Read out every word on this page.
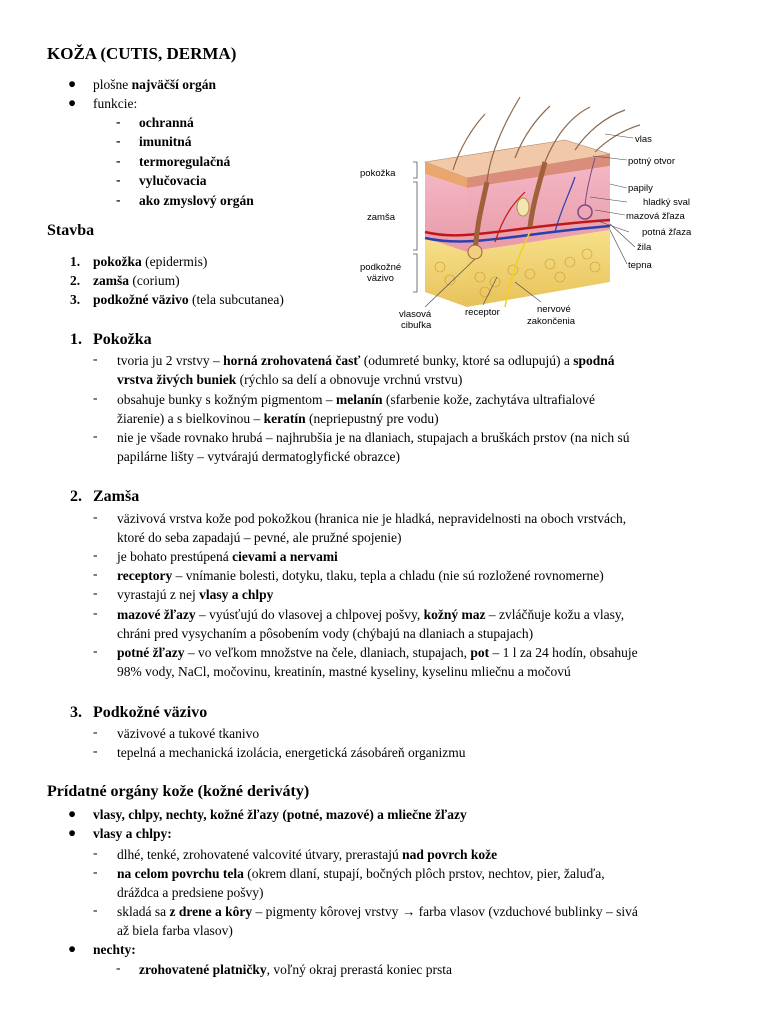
KOŽA (CUTIS, DERMA)
● plošne najväčší orgán
● funkcie:
- ochranná
- imunitná
- termoregulačná
- vylučovacia
- ako zmyslový orgán
Stavba
1. pokožka (epidermis)
2. zamša (corium)
3. podkožné väzivo (tela subcutanea)
pokožka
zamša
podkožné
väzivo
vlas
potný otvor
papily
hladký sval
mazová žľaza
potná žľaza
žila
tepna
vlasová
cibuľka
receptor	nervové
zakončenia
1. Pokožka
- tvoria ju 2 vrstvy – horná zrohovatená časť (odumreté bunky, ktoré sa odlupujú) a spodná
vrstva živých buniek (rýchlo sa delí a obnovuje vrchnú vrstvu)
- obsahuje bunky s kožným pigmentom – melanín (sfarbenie kože, zachytáva ultrafialové
žiarenie) a s bielkovinou – keratín (nepriepustný pre vodu)
- nie je všade rovnako hrubá – najhrubšia je na dlaniach, stupajach a bruškách prstov (na nich sú
papilárne lišty – vytvárajú dermatoglyfické obrazce)
2. Zamša
- väzivová vrstva kože pod pokožkou (hranica nie je hladká, nepravidelnosti na oboch vrstvách,
ktoré do seba zapadajú – pevné, ale pružné spojenie)
- je bohato prestúpená cievami a nervami
- receptory – vnímanie bolesti, dotyku, tlaku, tepla a chladu (nie sú rozložené rovnomerne)
- vyrastajú z nej vlasy a chlpy
- mazové žľazy – vyúsťujú do vlasovej a chlpovej pošvy, kožný maz – zvláčňuje kožu a vlasy,
chráni pred vysychaním a pôsobením vody (chýbajú na dlaniach a stupajach)
- potné žľazy – vo veľkom množstve na čele, dlaniach, stupajach, pot – 1 l za 24 hodín, obsahuje
98% vody, NaCl, močovinu, kreatinín, mastné kyseliny, kyselinu mliečnu a močovú
3. Podkožné väzivo
- väzivové a tukové tkanivo
- tepelná a mechanická izolácia, energetická zásobáreň organizmu
Prídatné orgány kože (kožné deriváty)
● vlasy, chlpy, nechty, kožné žľazy (potné, mazové) a mliečne žľazy
● vlasy a chlpy:
- dlhé, tenké, zrohovatené valcovité útvary, prerastajú nad povrch kože
- na celom povrchu tela (okrem dlaní, stupají, bočných plôch prstov, nechtov, pier, žaluďa,
dráždca a predsiene pošvy)
- skladá sa z drene a kôry – pigmenty kôrovej vrstvy → farba vlasov (vzduchové bublinky – sivá
až biela farba vlasov)
● nechty:
- zrohovatené platničky, voľný okraj prerastá koniec prsta
